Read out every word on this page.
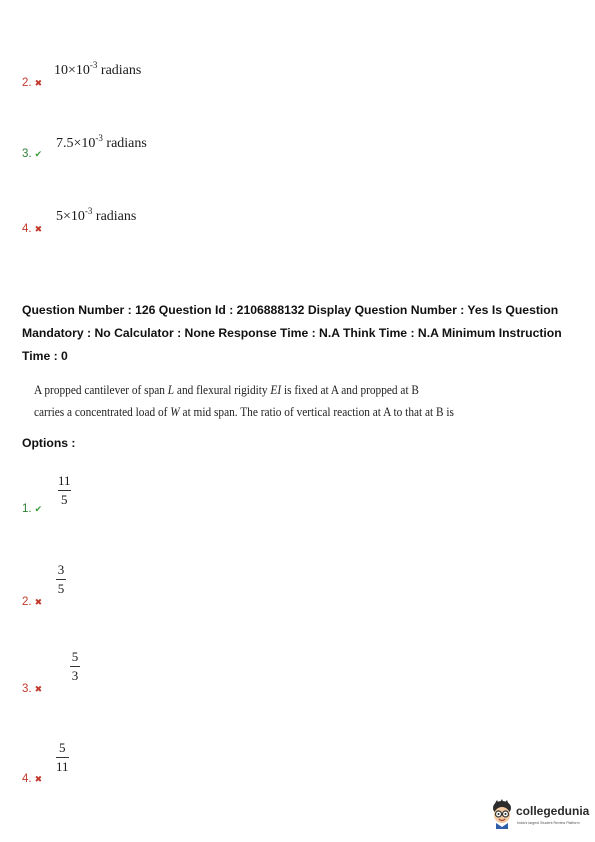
$10\times 10^{-3}$ radians
2. ✖
$7.5\times 10^{-3}$ radians
3. ✔
$5\times 10^{-3}$ radians
4. ✖
Question Number : 126 Question Id : 2106888132 Display Question Number : Yes Is Question
Mandatory : No Calculator : None Response Time : N.A Think Time : N.A Minimum Instruction
Time : 0
A propped cantilever of span L and flexural rigidity EI is fixed at A and propped at B
carries a concentrated load of W at mid span. The ratio of vertical reaction at A to that at B is
Options :
11
5
1. ✔
3
5
2. ✖
5
3
3. ✖
5
11
4. ✖
collegedunia
India's largest Student Review Platform
